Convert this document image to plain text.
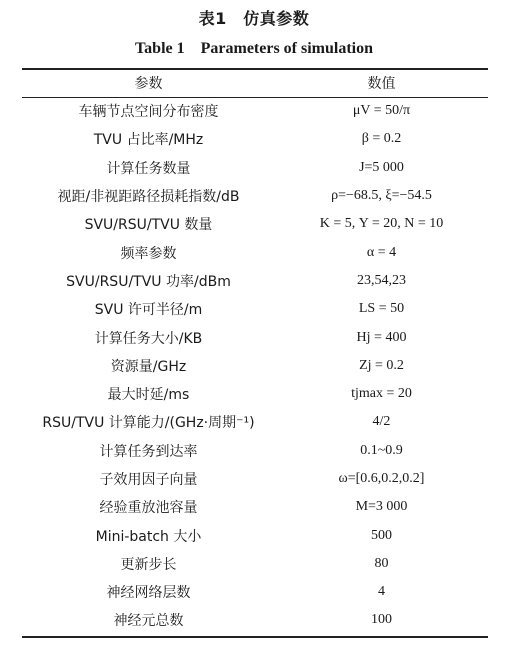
表1　仿真参数
Table 1　Parameters of simulation
参数	数值
车辆节点空间分布密度	μV = 50/π
TVU 占比率/MHz	β = 0.2
计算任务数量	J=5 000
视距/非视距路径损耗指数/dB	ρ=−68.5, ξ=−54.5
SVU/RSU/TVU 数量	K = 5, Υ = 20, N = 10
频率参数	α = 4
SVU/RSU/TVU 功率/dBm	23,54,23
SVU 许可半径/m	LS = 50
计算任务大小/KB	Hj = 400
资源量/GHz	Zj = 0.2
最大时延/ms	tjmax = 20
RSU/TVU 计算能力/(GHz·周期⁻¹)	4/2
计算任务到达率	0.1~0.9
子效用因子向量	ω=[0.6,0.2,0.2]
经验重放池容量	M=3 000
Mini-batch 大小	500
更新步长	80
神经网络层数	4
神经元总数	100
